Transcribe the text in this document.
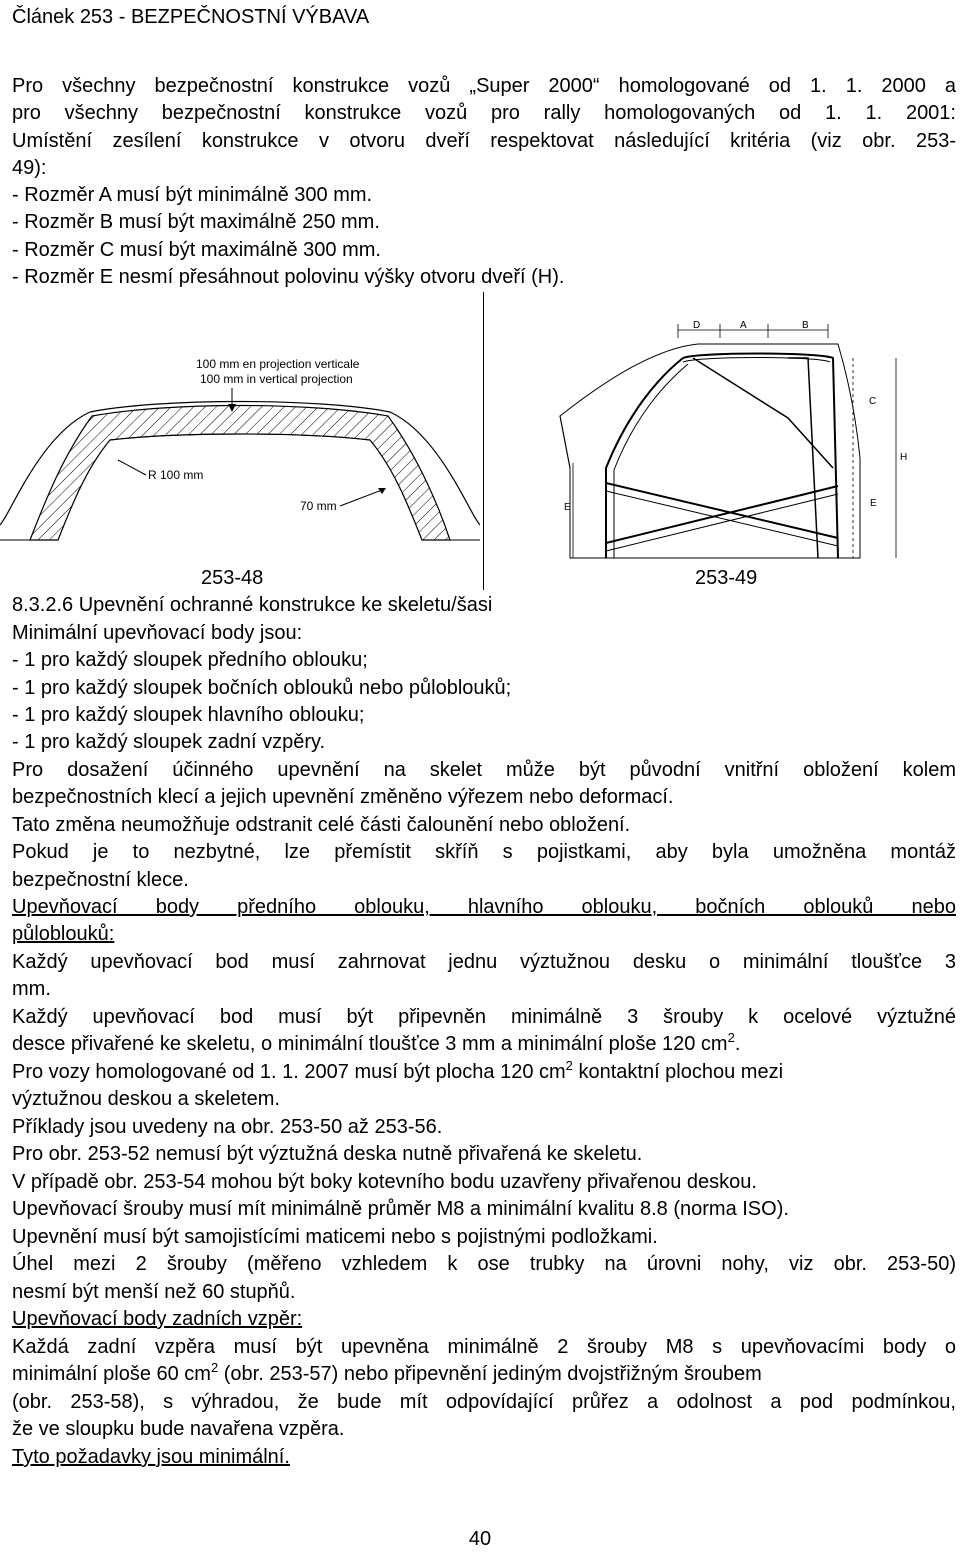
Článek 253 - BEZPEČNOSTNÍ VÝBAVA
Pro všechny bezpečnostní konstrukce vozů „Super 2000“ homologované od 1. 1. 2000 a
pro všechny bezpečnostní konstrukce vozů pro rally homologovaných od 1. 1. 2001:
Umístění zesílení konstrukce v otvoru dveří respektovat následující kritéria (viz obr. 253-
49):
- Rozměr A musí být minimálně 300 mm.
- Rozměr B musí být maximálně 250 mm.
- Rozměr C musí být maximálně 300 mm.
- Rozměr E nesmí přesáhnout polovinu výšky otvoru dveří (H).
100 mm en projection verticale
100 mm in vertical projection
R 100 mm
70 mm
253-48
D	A	B
C
H
E
E
253-49
8.3.2.6 Upevnění ochranné konstrukce ke skeletu/šasi
Minimální upevňovací body jsou:
- 1 pro každý sloupek předního oblouku;
- 1 pro každý sloupek bočních oblouků nebo půloblouků;
- 1 pro každý sloupek hlavního oblouku;
- 1 pro každý sloupek zadní vzpěry.
Pro dosažení účinného upevnění na skelet může být původní vnitřní obložení kolem
bezpečnostních klecí a jejich upevnění změněno výřezem nebo deformací.
Tato změna neumožňuje odstranit celé části čalounění nebo obložení.
Pokud je to nezbytné, lze přemístit skříň s pojistkami, aby byla umožněna montáž
bezpečnostní klece.
Upevňovací body předního oblouku, hlavního oblouku, bočních oblouků nebo
půloblouků:
Každý upevňovací bod musí zahrnovat jednu výztužnou desku o minimální tloušťce 3
mm.
Každý upevňovací bod musí být připevněn minimálně 3 šrouby k ocelové výztužné
desce přivařené ke skeletu, o minimální tloušťce 3 mm a minimální ploše 120 $cm^2$.
Pro vozy homologované od 1. 1. 2007 musí být plocha 120 $cm^2$ kontaktní plochou mezi
výztužnou deskou a skeletem.
Příklady jsou uvedeny na obr. 253-50 až 253-56.
Pro obr. 253-52 nemusí být výztužná deska nutně přivařená ke skeletu.
V případě obr. 253-54 mohou být boky kotevního bodu uzavřeny přivařenou deskou.
Upevňovací šrouby musí mít minimálně průměr M8 a minimální kvalitu 8.8 (norma ISO).
Upevnění musí být samojistícími maticemi nebo s pojistnými podložkami.
Úhel mezi 2 šrouby (měřeno vzhledem k ose trubky na úrovni nohy, viz obr. 253-50)
nesmí být menší než 60 stupňů.
Upevňovací body zadních vzpěr:
Každá zadní vzpěra musí být upevněna minimálně 2 šrouby M8 s upevňovacími body o
minimální ploše 60 $cm^2$ (obr. 253-57) nebo připevnění jediným dvojstřižným šroubem
(obr. 253-58), s výhradou, že bude mít odpovídající průřez a odolnost a pod podmínkou,
že ve sloupku bude navařena vzpěra.
Tyto požadavky jsou minimální.
40
